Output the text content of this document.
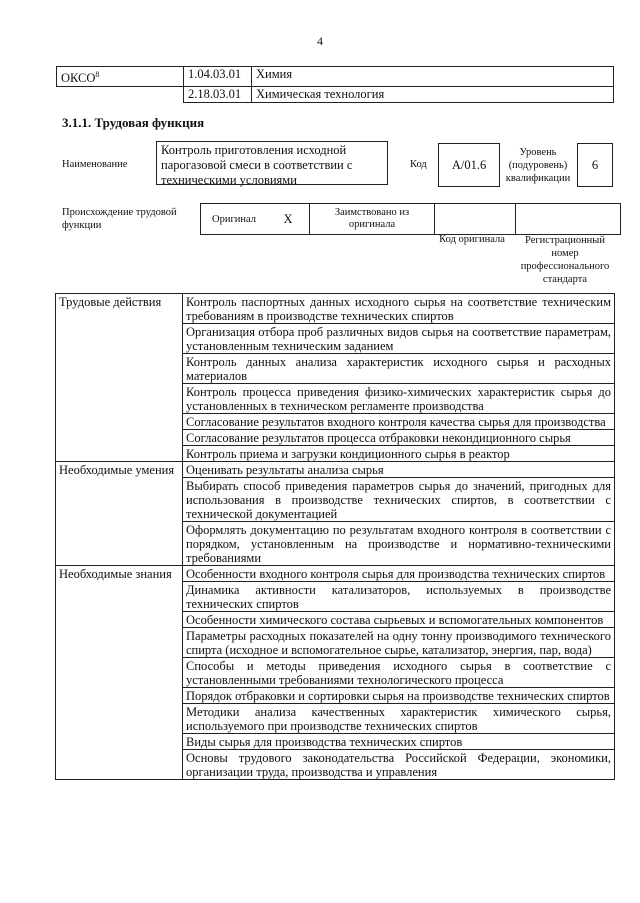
4
ОКСО$^8$	1.04.03.01	Химия
	2.18.03.01	Химическая технология
3.1.1. Трудовая функция
Наименование
Контроль приготовления исходной парогазовой смеси в соответствии с техническими условиями
Код	A/01.6
Уровень (подуровень) квалификации
6
Происхождение трудовой функции
Оригинал	X	Заимствовано из оригинала		
Код оригинала	Регистрационный номер профессионального стандарта
Трудовые действия	Контроль паспортных данных исходного сырья на соответствие техническим требованиям в производстве технических спиртов
	Организация отбора проб различных видов сырья на соответствие параметрам, установленным техническим заданием
	Контроль данных анализа характеристик исходного сырья и расходных материалов
	Контроль процесса приведения физико-химических характеристик сырья до установленных в техническом регламенте производства
	Согласование результатов входного контроля качества сырья для производства
	Согласование результатов процесса отбраковки некондиционного сырья
	Контроль приема и загрузки кондиционного сырья в реактор
Необходимые умения	Оценивать результаты анализа сырья
	Выбирать способ приведения параметров сырья до значений, пригодных для использования в производстве технических спиртов, в соответствии с технической документацией
	Оформлять документацию по результатам входного контроля в соответствии с порядком, установленным на производстве и нормативно-техническими требованиями
Необходимые знания	Особенности входного контроля сырья для производства технических спиртов
	Динамика активности катализаторов, используемых в производстве технических спиртов
	Особенности химического состава сырьевых и вспомогательных компонентов
	Параметры расходных показателей на одну тонну производимого технического спирта (исходное и вспомогательное сырье, катализатор, энергия, пар, вода)
	Способы и методы приведения исходного сырья в соответствие с установленными требованиями технологического процесса
	Порядок отбраковки и сортировки сырья на производстве технических спиртов
	Методики анализа качественных характеристик химического сырья, используемого при производстве технических спиртов
	Виды сырья для производства технических спиртов
	Основы трудового законодательства Российской Федерации, экономики, организации труда, производства и управления
